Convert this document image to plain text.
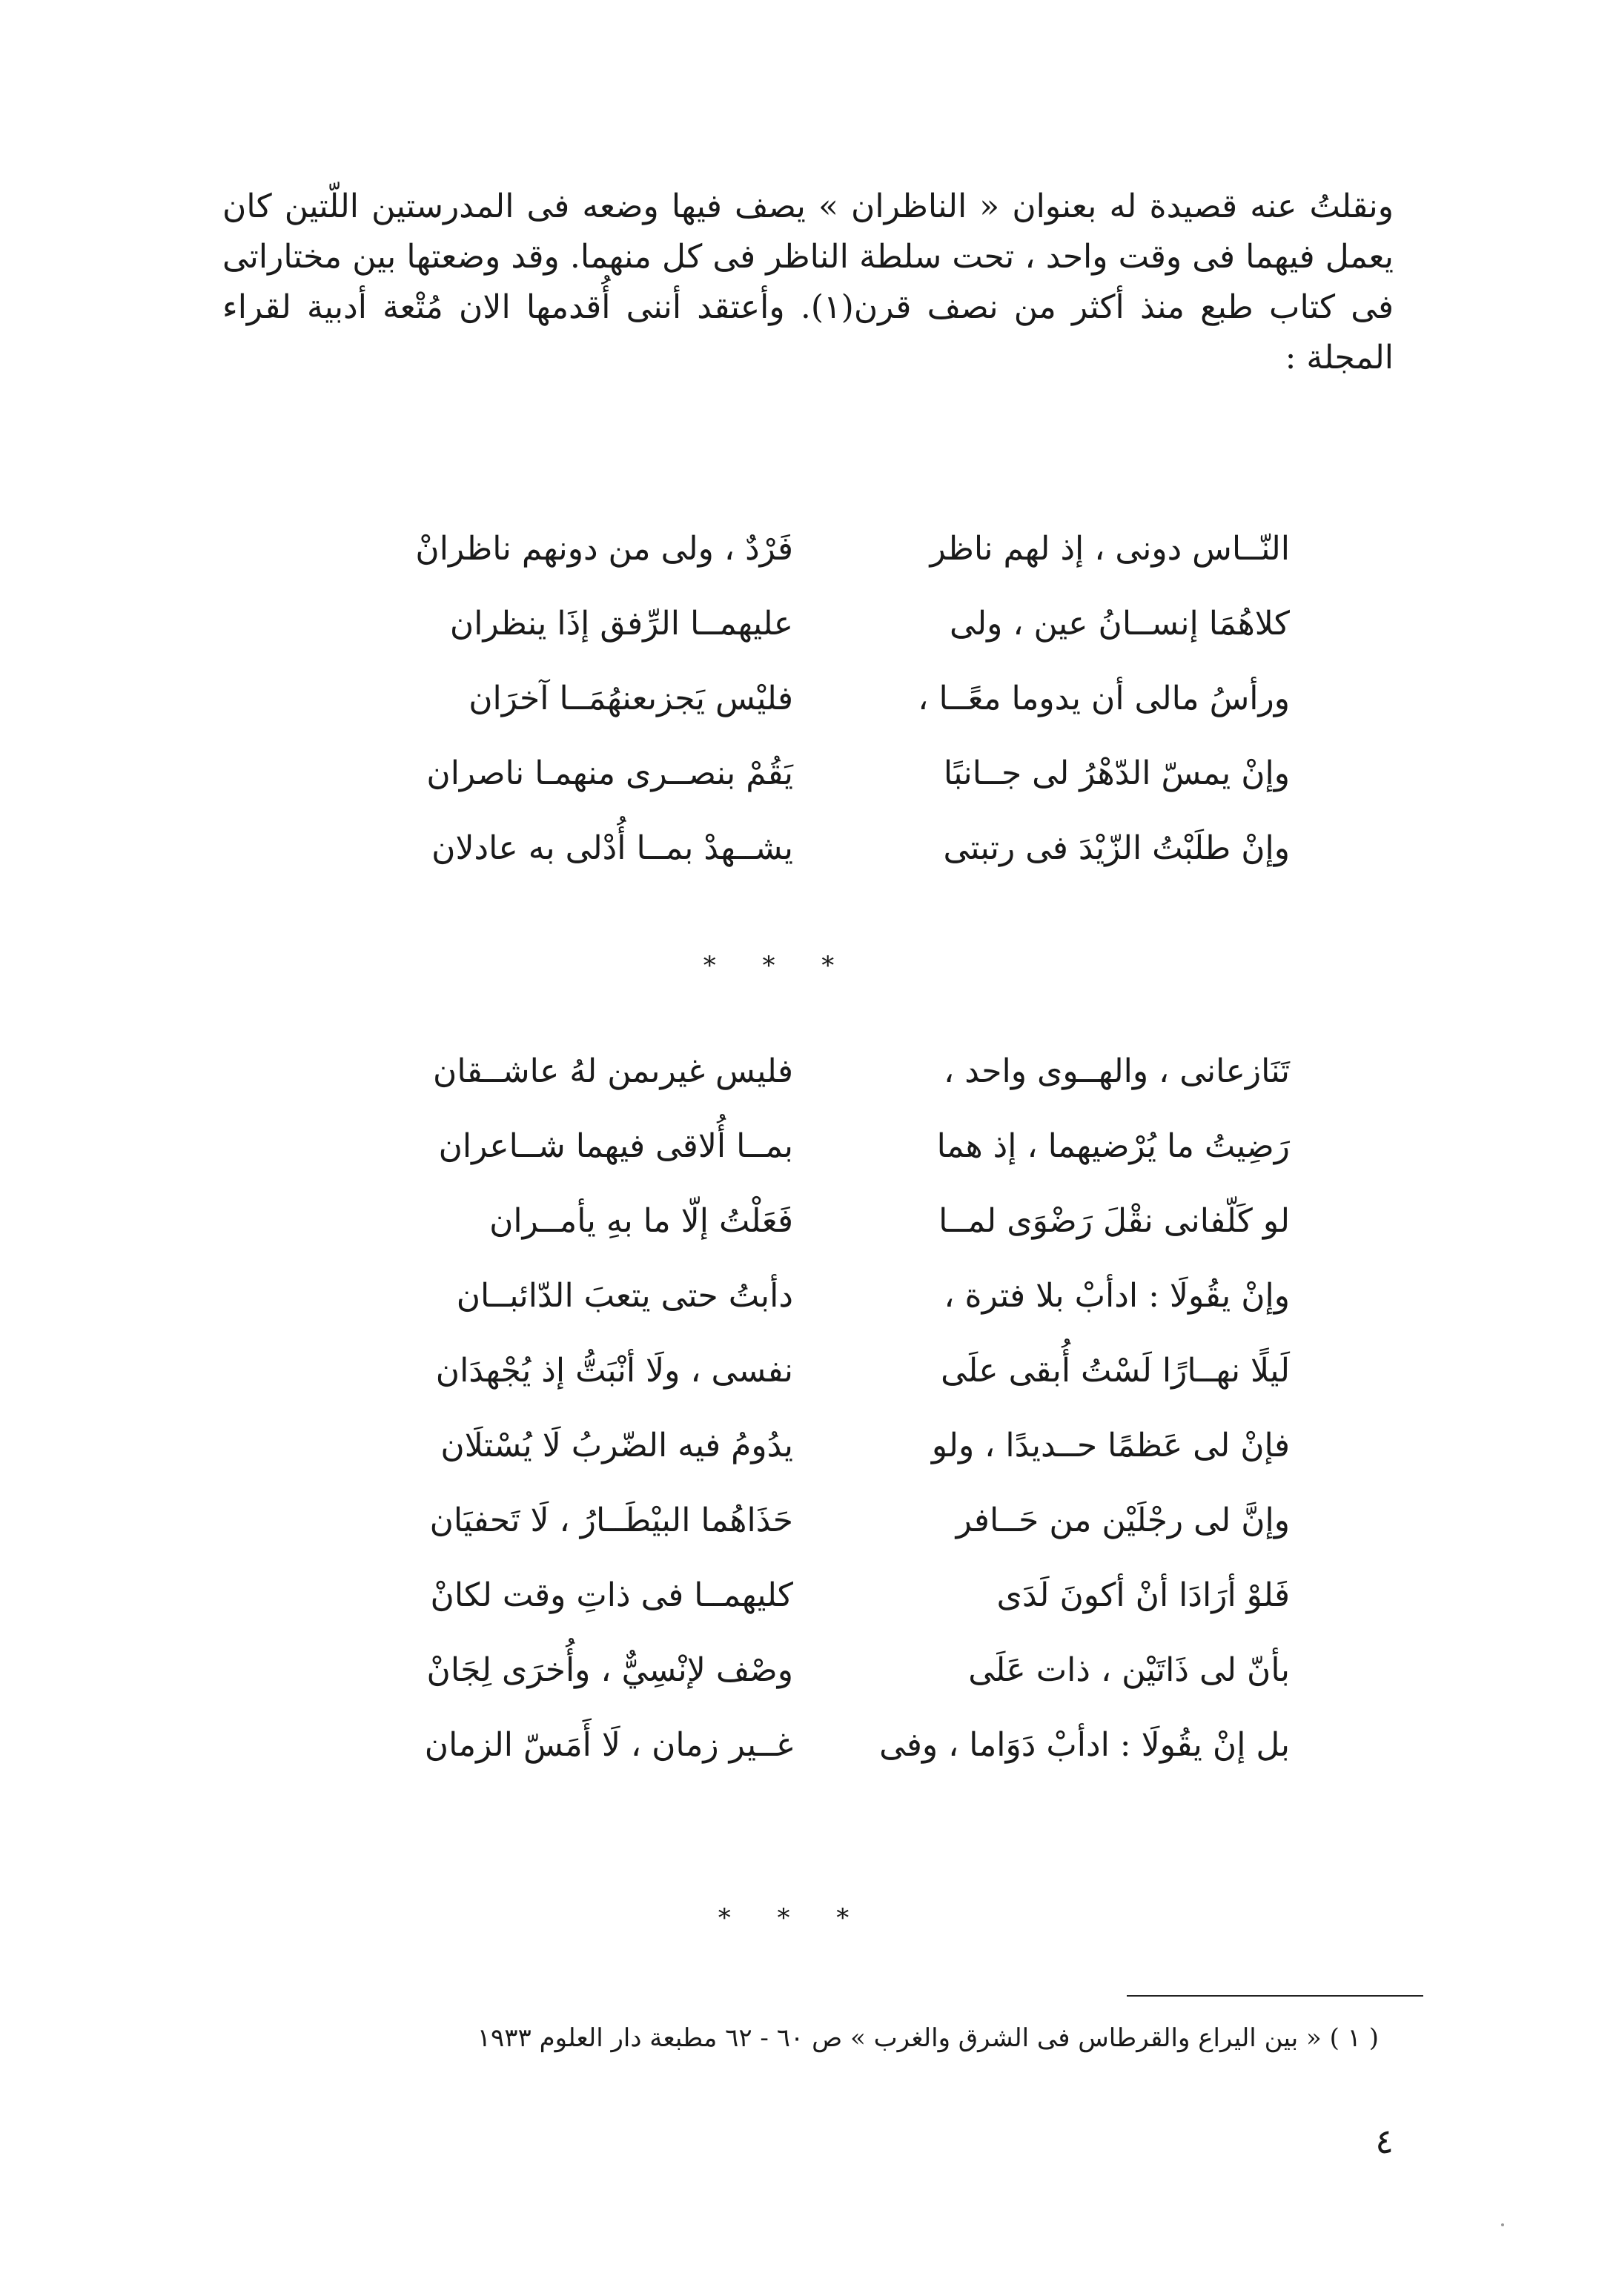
ونقلتُ عنه قصيدة له بعنوان « الناظران » يصف فيها وضعه فى المدرستين اللّتين كان يعمل فيهما فى وقت واحد ، تحت سلطة الناظر فى كل منهما. وقد وضعتها بين مختاراتى فى كتاب طبع منذ أكثر من نصف قرن(١). وأعتقد أننى أُقدمها الان مُتْعة أدبية لقراء المجلة :

النّــاس دونى ، إذ لهم ناظر
فَرْدٌ ، ولى من دونهم ناظرانْ
كلاهُمَا إنســانُ عين ، ولى
عليهمــا الرِّفق إذَا ينظران
ورأسُ مالى أن يدوما معًــا ،
فليْس يَجزىعنهُمَــا آخرَان
وإنْ يمسّ الدّهْرُ لى جــانبًا
يَقُمْ بنصــرى منهمـا ناصران
وإنْ طلَبْتُ الزّيْدَ فى رتبتى
يشــهدْ بمــا أُدْلى به عادلان
* * *
تَنَازعانى ، والهــوى واحد ،
فليس غيرىمن لهُ عاشــقان
رَضِيتُ ما يُرْضيهما ، إذ هما
بمــا أُلاقى فيهما شــاعران
لو كَلّفانى نقْلَ رَضْوَى لمــا
فَعَلْتُ إلّا ما بهِ يأمــران
وإنْ يقُولَا : ادأبْ بلا فترة ،
دأبتُ حتى يتعبَ الدّائبــان
لَيلًا نهــارًا لَسْتُ أُبقى علَى
نفسى ، ولَا أنْبَتُّ إذ يُجْهدَان
فإنْ لى عَظمًا حــديدًا ، ولو
يدُومُ فيه الضّربُ لَا يُسْتلَان
وإنَّ لى رجْلَيْن من حَــافر
حَذَاهُما البيْطَــارُ ، لَا تَحفيَان
فَلوْ أرَادَا أنْ أكونَ لَدَى
كليهمــا فى ذاتِ وقت لكانْ
بأنّ لى ذَاتَيْن ، ذات عَلَى
وصْف لإنْسِيٌّ ، وأُخرَى لِجَانْ
بل إنْ يقُولَا : ادأبْ دَوَاما ، وفى
غــير زمان ، لَا أَمَسّ الزمان
* * *
( ١ ) « بين اليراع والقرطاس فى الشرق والغرب » ص ٦٠ - ٦٢ مطبعة دار العلوم ١٩٣٣
٤
